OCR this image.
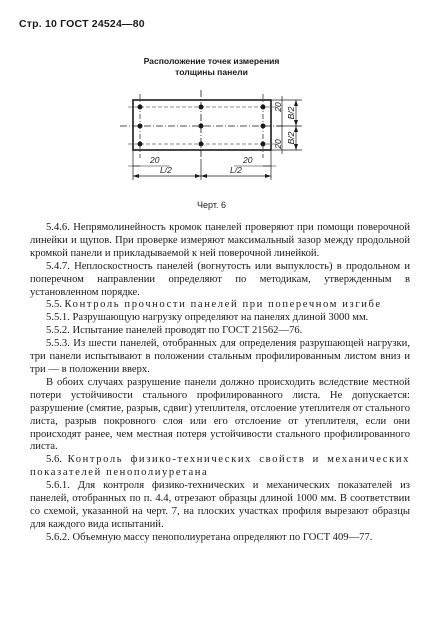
Стр. 10 ГОСТ 24524—80
Расположение точек измерения
толщины панели
20	20
L/2	L/2
20
20
B/2
B/2
Черт. 6

5.4.6. Непрямолинейность кромок панелей проверяют при помощи поверочной линейки и щупов. При проверке измеряют максимальный зазор между продольной кромкой панели и прикладываемой к ней поверочной линейкой.

5.4.7. Неплоскостность панелей (вогнутость или выпуклость) в продольном и поперечном направлении определяют по методикам, утвержденным в установленном порядке.

5.5. Контроль прочности панелей при поперечном изгибе

5.5.1. Разрушающую нагрузку определяют на панелях длиной 3000 мм.

5.5.2. Испытание панелей проводят по ГОСТ 21562—76.

5.5.3. Из шести панелей, отобранных для определения разрушающей нагрузки, три панели испытывают в положении стальным профилированным листом вниз и три — в положении вверх.

В обоих случаях разрушение панели должно происходить вследствие местной потери устойчивости стального профилированного листа. Не допускается: разрушение (смятие, разрыв, сдвиг) утеплителя, отслоение утеплителя от стального листа, разрыв покровного слоя или его отслоение от утеплителя, если они происходят ранее, чем местная потеря устойчивости стального профилированного листа.

5.6. Контроль физико-технических свойств и механических показателей пенополиуретана

5.6.1. Для контроля физико-технических и механических показателей из панелей, отобранных по п. 4.4, отрезают образцы длиной 1000 мм. В соответствии со схемой, указанной на черт. 7, на плоских участках профиля вырезают образцы для каждого вида испытаний.

5.6.2. Объемную массу пенополиуретана определяют по ГОСТ 409—77.
